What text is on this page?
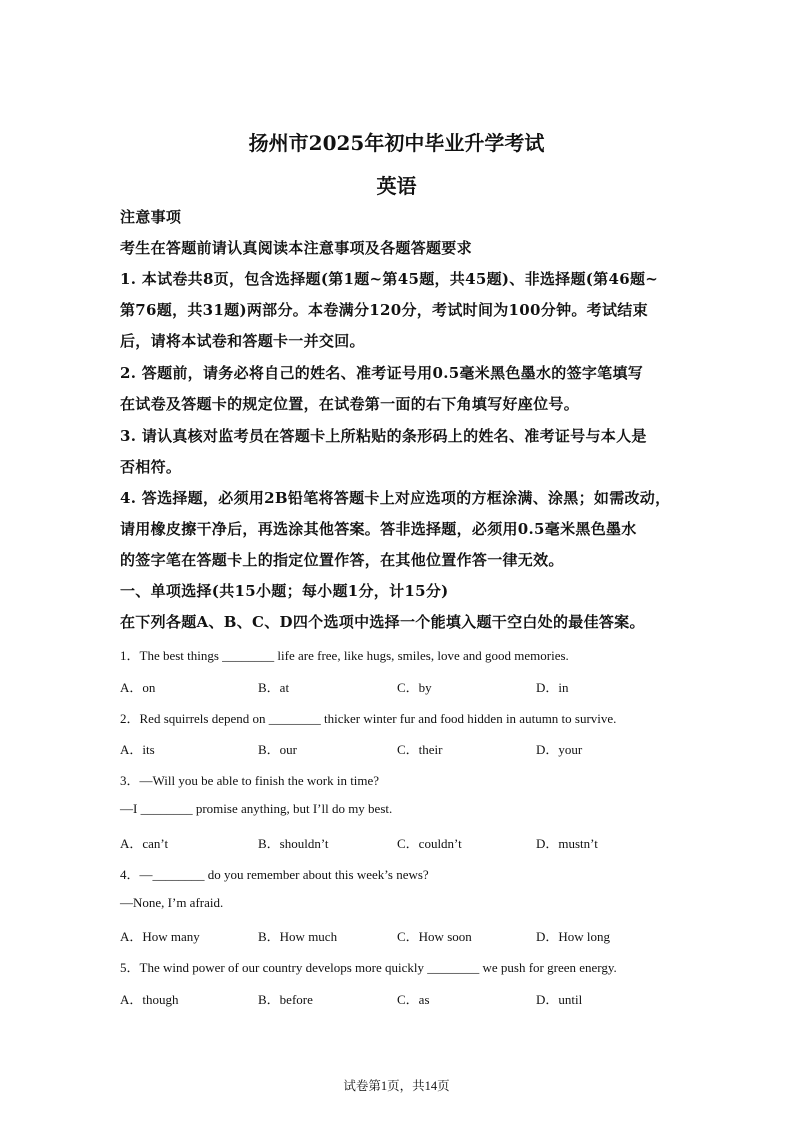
扬州市2025年初中毕业升学考试
英语
注意事项
考生在答题前请认真阅读本注意事项及各题答题要求
1. 本试卷共8页，包含选择题(第1题~第45题，共45题)、非选择题(第46题~
第76题，共31题)两部分。本卷满分120分，考试时间为100分钟。考试结束
后，请将本试卷和答题卡一并交回。
2. 答题前，请务必将自己的姓名、准考证号用0.5毫米黑色墨水的签字笔填写
在试卷及答题卡的规定位置，在试卷第一面的右下角填写好座位号。
3. 请认真核对监考员在答题卡上所粘贴的条形码上的姓名、准考证号与本人是
否相符。
4. 答选择题，必须用2B铅笔将答题卡上对应选项的方框涂满、涂黑；如需改动，
请用橡皮擦干净后，再选涂其他答案。答非选择题，必须用0.5毫米黑色墨水
的签字笔在答题卡上的指定位置作答，在其他位置作答一律无效。
一、单项选择(共15小题；每小题1分，计15分)
在下列各题A、B、C、D四个选项中选择一个能填入题干空白处的最佳答案。
1．The best things ________ life are free, like hugs, smiles, love and good memories.
A．on	B．at	C．by	D．in
2．Red squirrels depend on ________ thicker winter fur and food hidden in autumn to survive.
A．its	B．our	C．their	D．your
3．—Will you be able to finish the work in time?
—I ________ promise anything, but I’ll do my best.
A．can’t	B．shouldn’t	C．couldn’t	D．mustn’t
4．—________ do you remember about this week’s news?
—None, I’m afraid.
A．How many	B．How much	C．How soon	D．How long
5．The wind power of our country develops more quickly ________ we push for green energy.
A．though	B．before	C．as	D．until
试卷第1页，共14页
